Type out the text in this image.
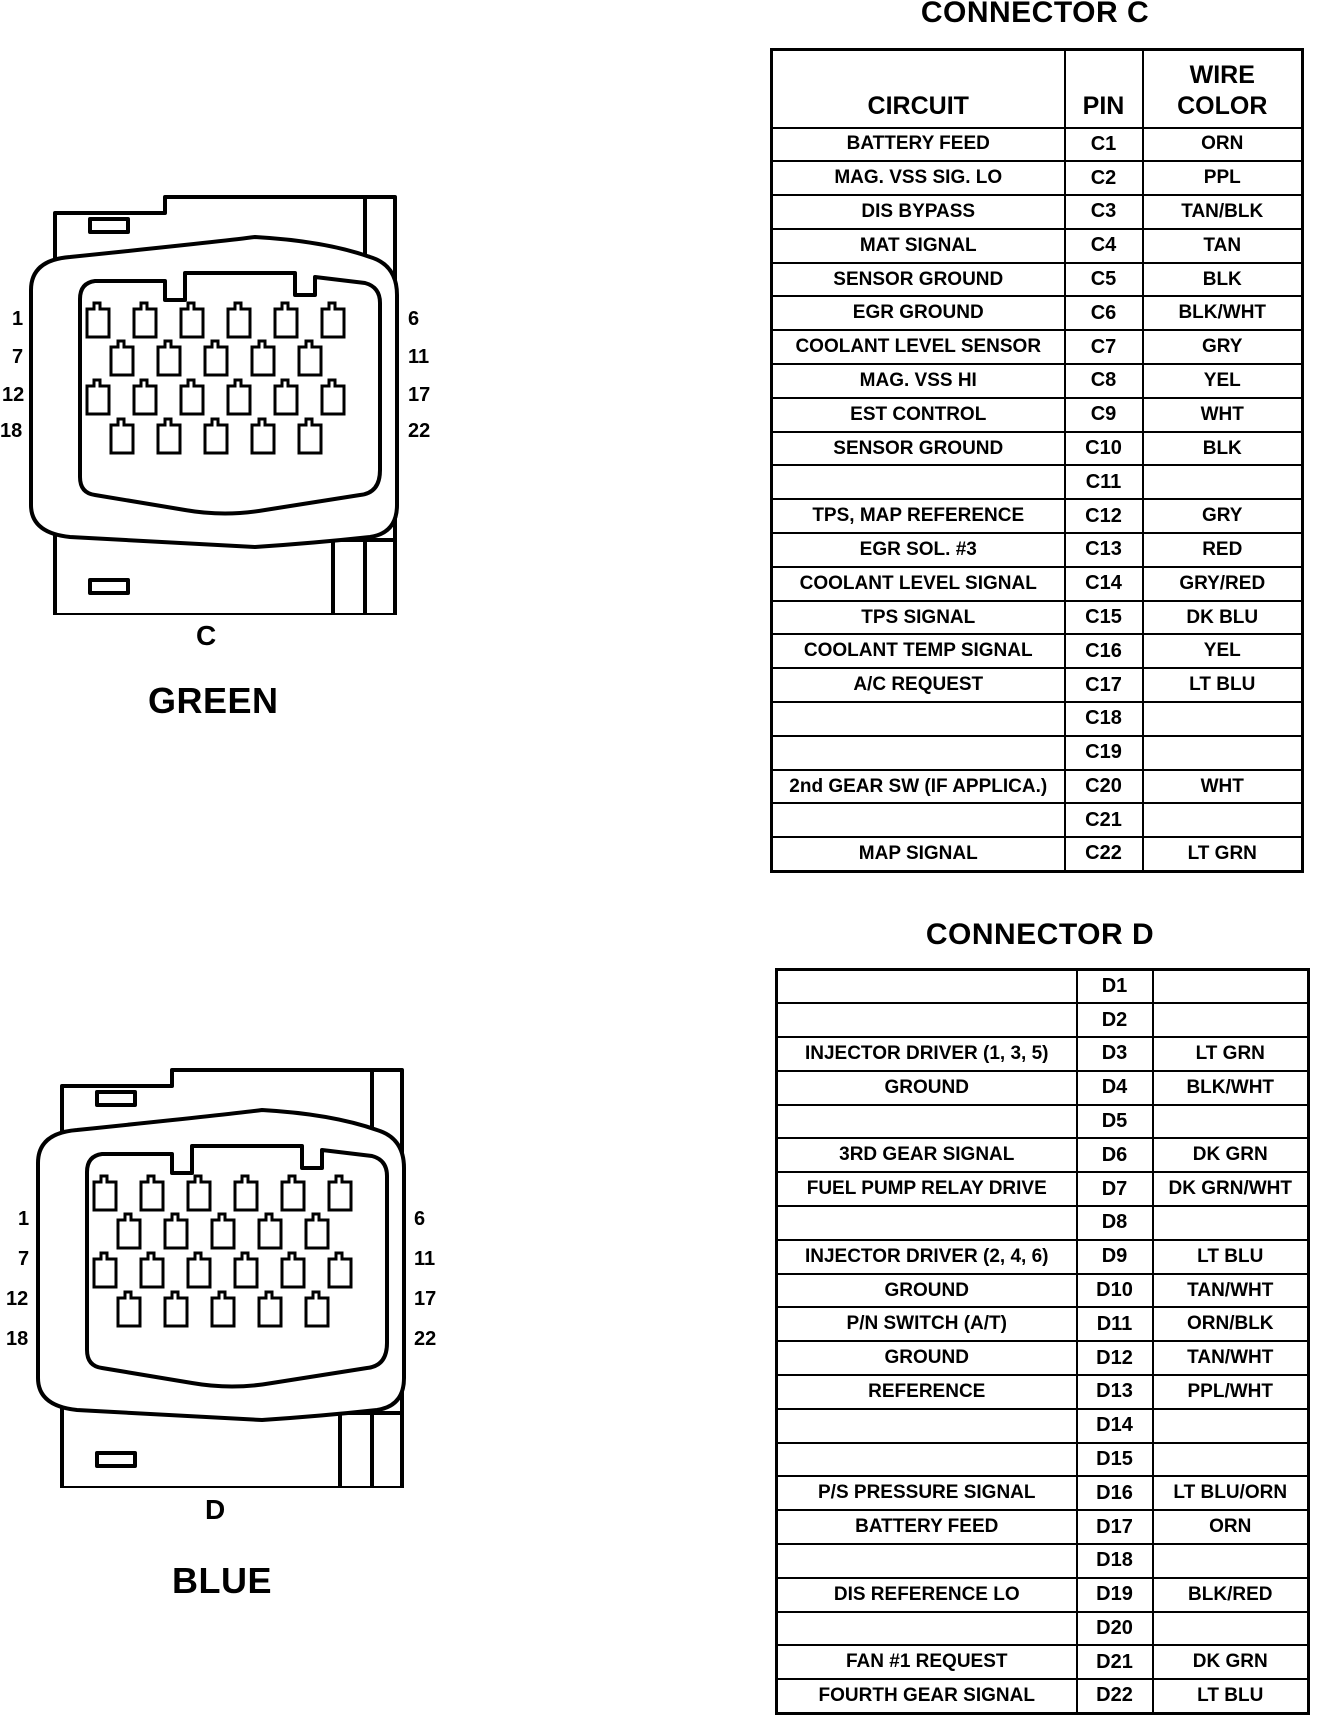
CONNECTOR C
CIRCUIT	PIN	WIRE
COLOR
BATTERY FEED	C1	ORN
MAG. VSS SIG. LO	C2	PPL
DIS BYPASS	C3	TAN/BLK
MAT SIGNAL	C4	TAN
SENSOR GROUND	C5	BLK
EGR GROUND	C6	BLK/WHT
COOLANT LEVEL SENSOR	C7	GRY
MAG. VSS HI	C8	YEL
EST CONTROL	C9	WHT
SENSOR GROUND	C10	BLK
	C11	
TPS, MAP REFERENCE	C12	GRY
EGR SOL. #3	C13	RED
COOLANT LEVEL SIGNAL	C14	GRY/RED
TPS SIGNAL	C15	DK BLU
COOLANT TEMP SIGNAL	C16	YEL
A/C REQUEST	C17	LT BLU
	C18	
	C19	
2nd GEAR SW (IF APPLICA.)	C20	WHT
	C21	
MAP SIGNAL	C22	LT GRN
CONNECTOR D
	D1	
	D2	
INJECTOR DRIVER (1, 3, 5)	D3	LT GRN
GROUND	D4	BLK/WHT
	D5	
3RD GEAR SIGNAL	D6	DK GRN
FUEL PUMP RELAY DRIVE	D7	DK GRN/WHT
	D8	
INJECTOR DRIVER (2, 4, 6)	D9	LT BLU
GROUND	D10	TAN/WHT
P/N SWITCH (A/T)	D11	ORN/BLK
GROUND	D12	TAN/WHT
REFERENCE	D13	PPL/WHT
	D14	
	D15	
P/S PRESSURE SIGNAL	D16	LT BLU/ORN
BATTERY FEED	D17	ORN
	D18	
DIS REFERENCE LO	D19	BLK/RED
	D20	
FAN #1 REQUEST	D21	DK GRN
FOURTH GEAR SIGNAL	D22	LT BLU
1
7
12
18
6
11
17
22
C
GREEN
1
7
12
18
6
11
17
22
D
BLUE
